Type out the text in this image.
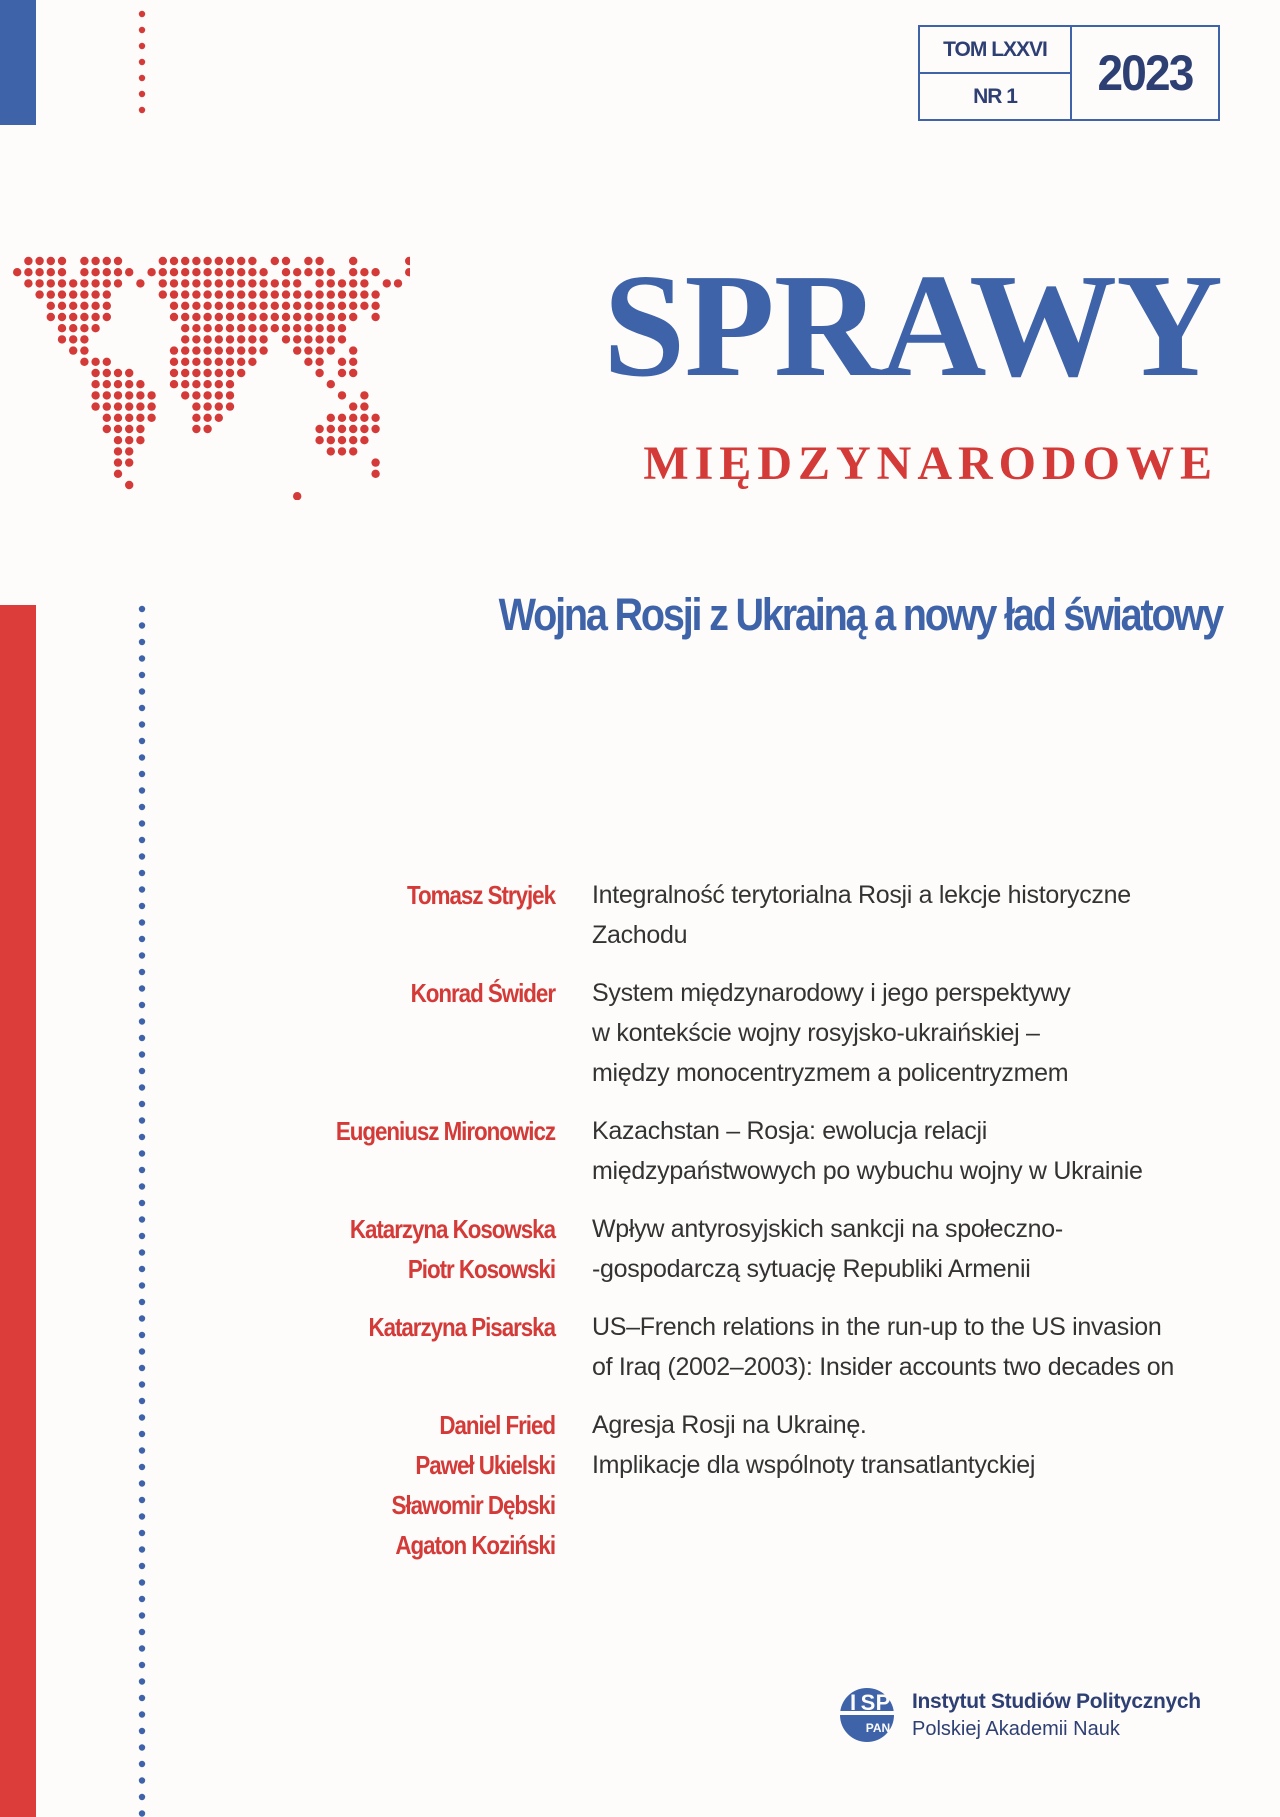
TOM LXXVI
NR 1	2023
SPRAWY
MIĘDZYNARODOWE
Wojna Rosji z Ukrainą a nowy ład światowy
Tomasz Stryjek Integralność terytorialna Rosji a lekcje historyczne
Zachodu
Konrad Świder System międzynarodowy i jego perspektywy
w kontekście wojny rosyjsko-ukraińskiej –
między monocentryzmem a policentryzmem
Eugeniusz Mironowicz Kazachstan – Rosja: ewolucja relacji
międzypaństwowych po wybuchu wojny w Ukrainie
Katarzyna Kosowska
Piotr Kosowski
Wpływ antyrosyjskich sankcji na społeczno-
-gospodarczą sytuację Republiki Armenii
Katarzyna Pisarska US–French relations in the run-up to the US invasion
of Iraq (2002–2003): Insider accounts two decades on
Daniel Fried
Paweł Ukielski
Sławomir Dębski
Agaton Koziński
Agresja Rosji na Ukrainę.
Implikacje dla wspólnoty transatlantyckiej
I S P
PAN
Instytut Studiów Politycznych
Polskiej Akademii Nauk
